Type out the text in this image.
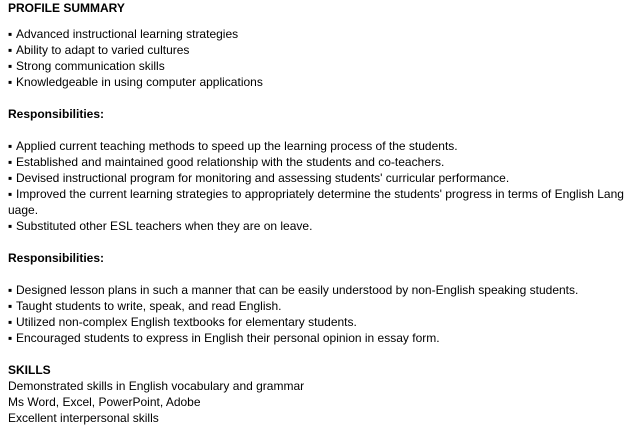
PROFILE SUMMARY
▪ Advanced instructional learning strategies
▪ Ability to adapt to varied cultures
▪ Strong communication skills
▪ Knowledgeable in using computer applications
Responsibilities:
▪ Applied current teaching methods to speed up the learning process of the students.
▪ Established and maintained good relationship with the students and co-teachers.
▪ Devised instructional program for monitoring and assessing students' curricular performance.
▪ Improved the current learning strategies to appropriately determine the students' progress in terms of English Language.
▪ Substituted other ESL teachers when they are on leave.
Responsibilities:
▪ Designed lesson plans in such a manner that can be easily understood by non-English speaking students.
▪ Taught students to write, speak, and read English.
▪ Utilized non-complex English textbooks for elementary students.
▪ Encouraged students to express in English their personal opinion in essay form.
SKILLS
Demonstrated skills in English vocabulary and grammar
Ms Word, Excel, PowerPoint, Adobe
Excellent interpersonal skills
